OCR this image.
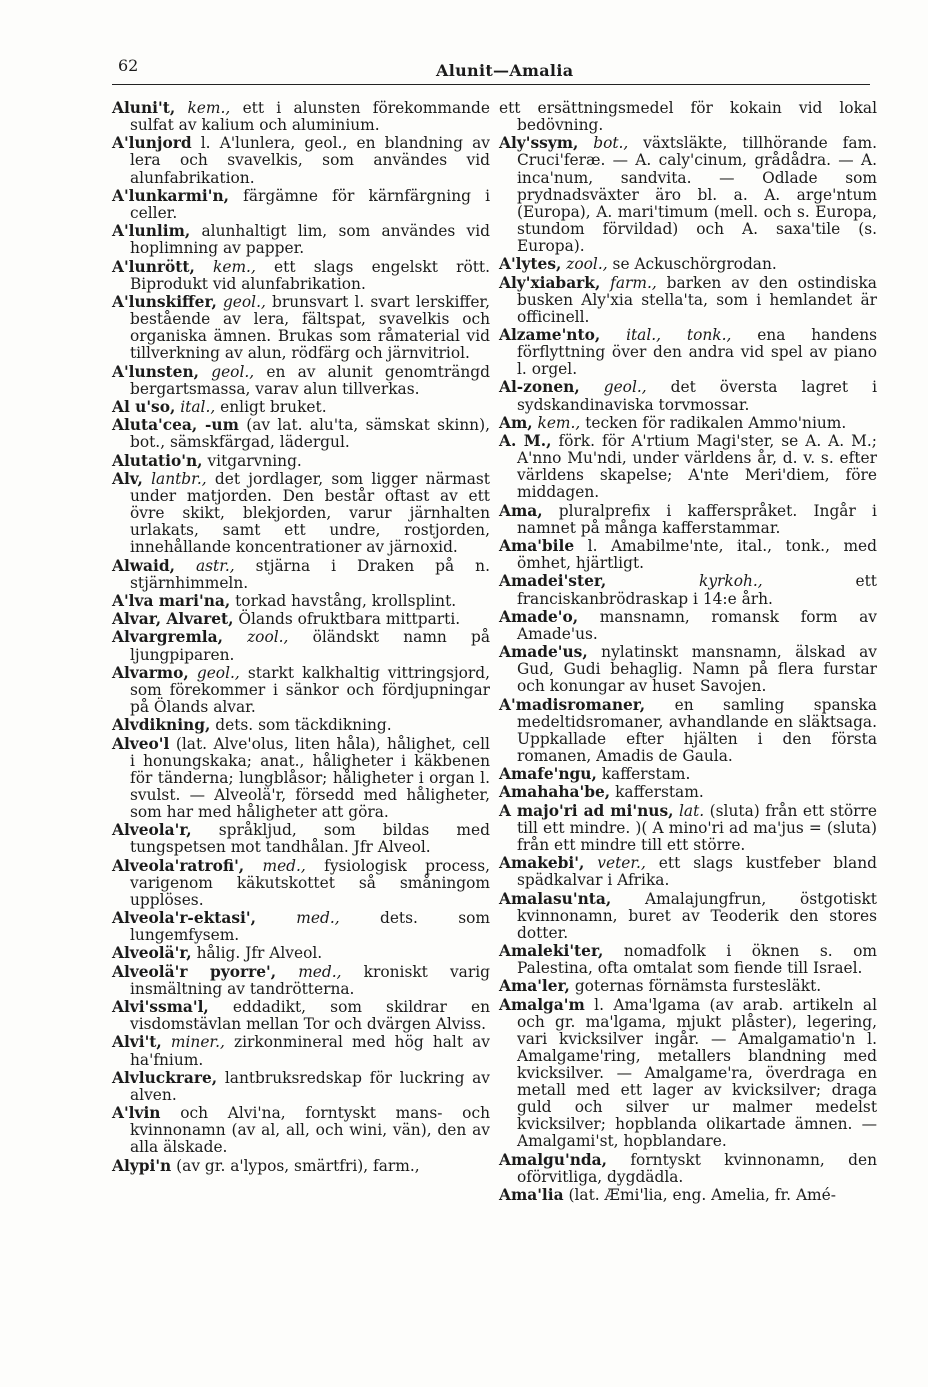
62	Alunit—Amalia

Aluni't, kem., ett i alunsten förekommande sulfat av kalium och aluminium.

A'lunjord l. A'lunlera, geol., en blandning av lera och svavelkis, som användes vid alunfabrikation.

A'lunkarmi'n, färgämne för kärnfärgning i celler.

A'lunlim, alunhaltigt lim, som användes vid hoplimning av papper.

A'lunrött, kem., ett slags engelskt rött. Biprodukt vid alunfabrikation.

A'lunskiffer, geol., brunsvart l. svart lerskiffer, bestående av lera, fältspat, svavelkis och organiska ämnen. Brukas som råmaterial vid tillverkning av alun, rödfärg och järnvitriol.

A'lunsten, geol., en av alunit genomträngd bergartsmassa, varav alun tillverkas.

Al u'so, ital., enligt bruket.

Aluta'cea, -um (av lat. alu'ta, sämskat skinn), bot., sämskfärgad, lädergul.

Alutatio'n, vitgarvning.

Alv, lantbr., det jordlager, som ligger närmast under matjorden. Den består oftast av ett övre skikt, blekjorden, varur järnhalten urlakats, samt ett undre, rostjorden, innehållande koncentrationer av järnoxid.

Alwaid, astr., stjärna i Draken på n. stjärnhimmeln.

A'lva mari'na, torkad havstång, krollsplint.

Alvar, Alvaret, Ölands ofruktbara mittparti.

Alvargremla, zool., öländskt namn på ljungpiparen.

Alvarmo, geol., starkt kalkhaltig vittringsjord, som förekommer i sänkor och fördjupningar på Ölands alvar.

Alvdikning, dets. som täckdikning.

Alveo'l (lat. Alve'olus, liten håla), hålighet, cell i honungskaka; anat., håligheter i käkbenen för tänderna; lungblåsor; håligheter i organ l. svulst. — Alveolä'r, försedd med håligheter, som har med håligheter att göra.

Alveola'r, språkljud, som bildas med tungspetsen mot tandhålan. Jfr Alveol.

Alveola'ratrofi', med., fysiologisk process, varigenom käkutskottet så småningom upplöses.

Alveola'r-ektasi',	med.,	dets. som lungemfysem.

Alveolä'r, hålig. Jfr Alveol.

Alveolä'r pyorre', med., kroniskt varig insmältning av tandrötterna.

Alvi'ssma'l, eddadikt, som skildrar en visdomstävlan mellan Tor och dvärgen Alviss.

Alvi't, miner., zirkonmineral med hög halt av ha'fnium.

Alvluckrare, lantbruksredskap för luckring av alven.

A'lvin och Alvi'na, forntyskt mans- och kvinnonamn (av al, all, och wini, vän), den av alla älskade.

Alypi'n (av gr. a'lypos, smärtfri), farm.,

ett ersättningsmedel för kokain vid lokal bedövning.

Aly'ssym, bot., växtsläkte, tillhörande fam. Cruci'feræ. — A. caly'cinum, grådådra. — A. inca'num, sandvita. — Odlade som prydnadsväxter äro bl. a. A. arge'ntum (Europa), A. mari'timum (mell. och s. Europa, stundom förvildad) och A. saxa'tile (s. Europa).

A'lytes, zool., se Ackuschörgrodan.

Aly'xiabark, farm., barken av den ostindiska busken Aly'xia stella'ta, som i hemlandet är officinell.

Alzame'nto, ital., tonk., ena handens förflyttning över den andra vid spel av piano l. orgel.

Al-zonen, geol., det översta lagret i sydskandinaviska torvmossar.

Am, kem., tecken för radikalen Ammo'nium.

A. M., förk. för A'rtium Magi'ster, se A. A. M.; A'nno Mu'ndi, under världens år, d. v. s. efter världens skapelse; A'nte Meri'diem, före middagen.

Ama, pluralprefix i kafferspråket. Ingår i namnet på många kafferstammar.

Ama'bile l. Amabilme'nte, ital., tonk., med ömhet, hjärtligt.

Amadei'ster,	kyrkoh.,	ett franciskanbrödraskap i 14:e årh.

Amade'o, mansnamn, romansk form av Amade'us.

Amade'us, nylatinskt mansnamn, älskad av Gud, Gudi behaglig. Namn på flera furstar och konungar av huset Savojen.

A'madisromaner, en samling spanska medeltidsromaner, avhandlande en släktsaga. Uppkallade efter hjälten i den första romanen, Amadis de Gaula.

Amafe'ngu, kafferstam.

Amahaha'be, kafferstam.

A majo'ri ad mi'nus, lat. (sluta) från ett större till ett mindre. )( A mino'ri ad ma'jus = (sluta) från ett mindre till ett större.

Amakebi', veter., ett slags kustfeber bland spädkalvar i Afrika.

Amalasu'nta, Amalajungfrun, östgotiskt kvinnonamn, buret av Teoderik den stores dotter.

Amaleki'ter, nomadfolk i öknen s. om Palestina, ofta omtalat som fiende till Israel.

Ama'ler, goternas förnämsta furstesläkt.

Amalga'm l. Ama'lgama (av arab. artikeln al och gr. ma'lgama, mjukt plåster), legering, vari kvicksilver ingår. — Amalgamatio'n l. Amalgame'ring, metallers blandning med kvicksilver. — Amalgame'ra, överdraga en metall med ett lager av kvicksilver; draga guld och silver ur malmer medelst kvicksilver; hopblanda olikartade ämnen. — Amalgami'st, hopblandare.

Amalgu'nda, forntyskt kvinnonamn, den oförvitliga, dygdädla.

Ama'lia (lat. Æmi'lia, eng. Amelia, fr. Amé-
